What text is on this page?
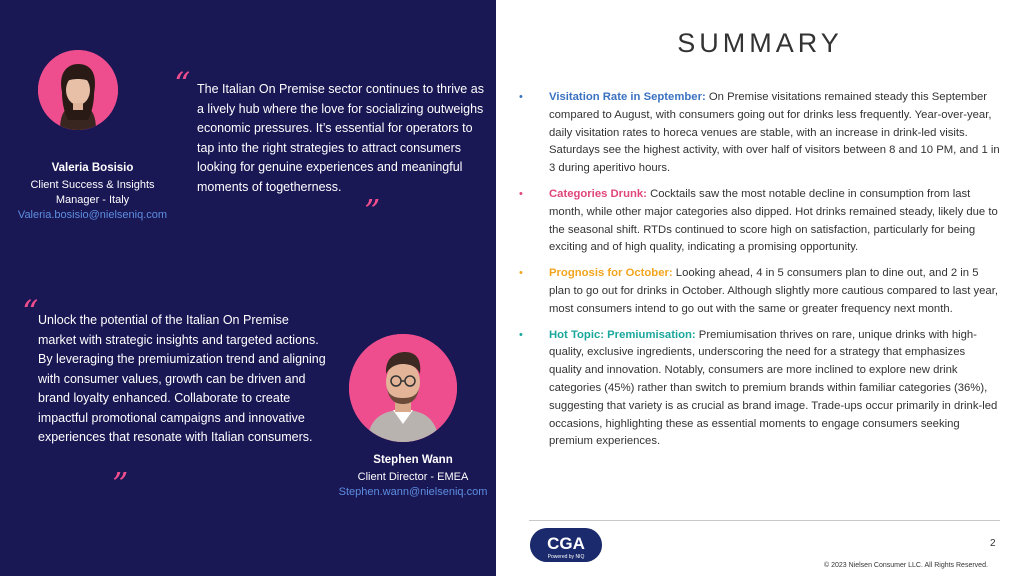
Valeria Bosisio
Client Success & Insights
Manager - Italy
Valeria.bosisio@nielseniq.com
“ The Italian On Premise sector continues to thrive as a lively hub where the love for socializing outweighs economic pressures. It’s essential for operators to tap into the right strategies to attract consumers looking for genuine experiences and meaningful moments of togetherness.
”
“ Unlock the potential of the Italian On Premise market with strategic insights and targeted actions. By leveraging the premiumization trend and aligning with consumer values, growth can be driven and brand loyalty enhanced. Collaborate to create impactful promotional campaigns and innovative experiences that resonate with Italian consumers.
”
Stephen Wann
Client Director - EMEA
Stephen.wann@nielseniq.com
SUMMARY
• Visitation Rate in September: On Premise visitations remained steady this September compared to August, with consumers going out for drinks less frequently. Year-over-year, daily visitation rates to horeca venues are stable, with an increase in drink-led visits. Saturdays see the highest activity, with over half of visitors between 8 and 10 PM, and 1 in 3 during aperitivo hours.
• Categories Drunk: Cocktails saw the most notable decline in consumption from last month, while other major categories also dipped. Hot drinks remained steady, likely due to the seasonal shift. RTDs continued to score high on satisfaction, particularly for being exciting and of high quality, indicating a promising opportunity.
• Prognosis for October: Looking ahead, 4 in 5 consumers plan to dine out, and 2 in 5 plan to go out for drinks in October. Although slightly more cautious compared to last year, most consumers intend to go out with the same or greater frequency next month.
• Hot Topic: Premiumisation: Premiumisation thrives on rare, unique drinks with high-quality, exclusive ingredients, underscoring the need for a strategy that emphasizes quality and innovation. Notably, consumers are more inclined to explore new drink categories (45%) rather than switch to premium brands within familiar categories (36%), suggesting that variety is as crucial as brand image. Trade-ups occur primarily in drink-led occasions, highlighting these as essential moments to engage consumers seeking premium experiences.
CGA
Powered by NIQ
2
© 2023 Nielsen Consumer LLC. All Rights Reserved.
